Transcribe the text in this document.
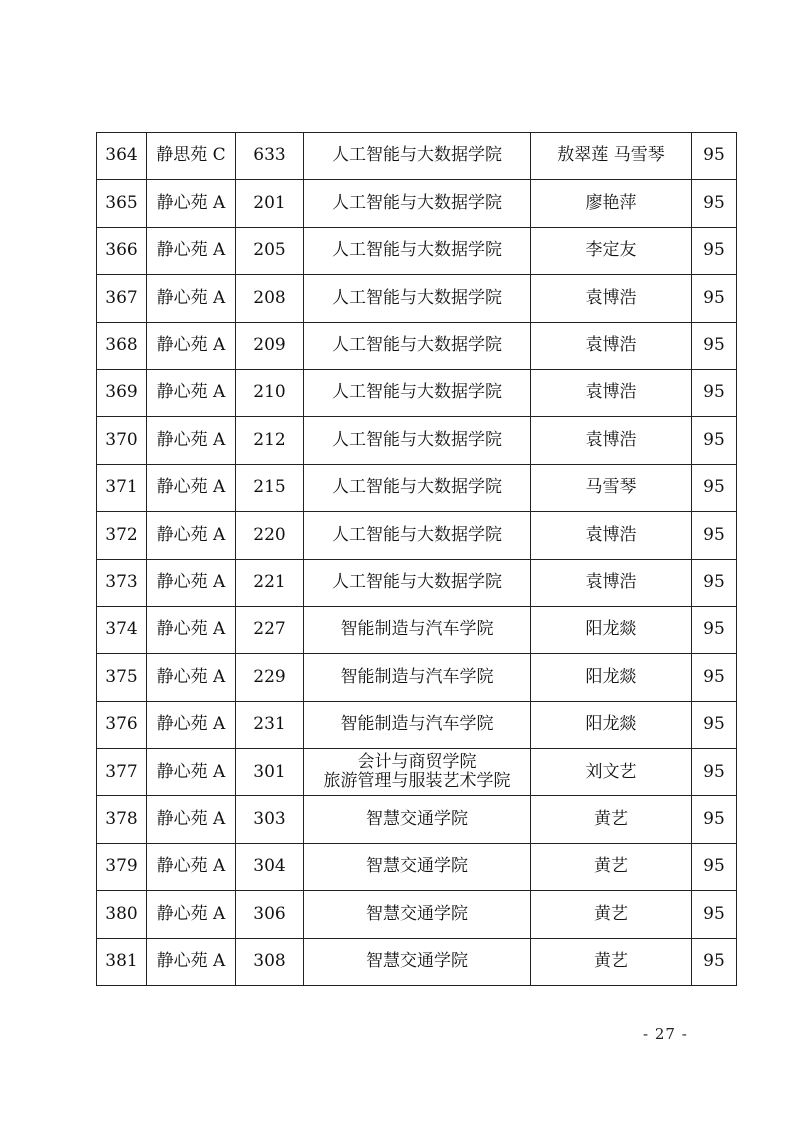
364	静思苑 C	633	人工智能与大数据学院	敖翠莲 马雪琴	95
365	静心苑 A	201	人工智能与大数据学院	廖艳萍	95
366	静心苑 A	205	人工智能与大数据学院	李定友	95
367	静心苑 A	208	人工智能与大数据学院	袁博浩	95
368	静心苑 A	209	人工智能与大数据学院	袁博浩	95
369	静心苑 A	210	人工智能与大数据学院	袁博浩	95
370	静心苑 A	212	人工智能与大数据学院	袁博浩	95
371	静心苑 A	215	人工智能与大数据学院	马雪琴	95
372	静心苑 A	220	人工智能与大数据学院	袁博浩	95
373	静心苑 A	221	人工智能与大数据学院	袁博浩	95
374	静心苑 A	227	智能制造与汽车学院	阳龙燚	95
375	静心苑 A	229	智能制造与汽车学院	阳龙燚	95
376	静心苑 A	231	智能制造与汽车学院	阳龙燚	95
377	静心苑 A	301	会计与商贸学院
旅游管理与服装艺术学院	刘文艺	95
378	静心苑 A	303	智慧交通学院	黄艺	95
379	静心苑 A	304	智慧交通学院	黄艺	95
380	静心苑 A	306	智慧交通学院	黄艺	95
381	静心苑 A	308	智慧交通学院	黄艺	95
- 27 -
